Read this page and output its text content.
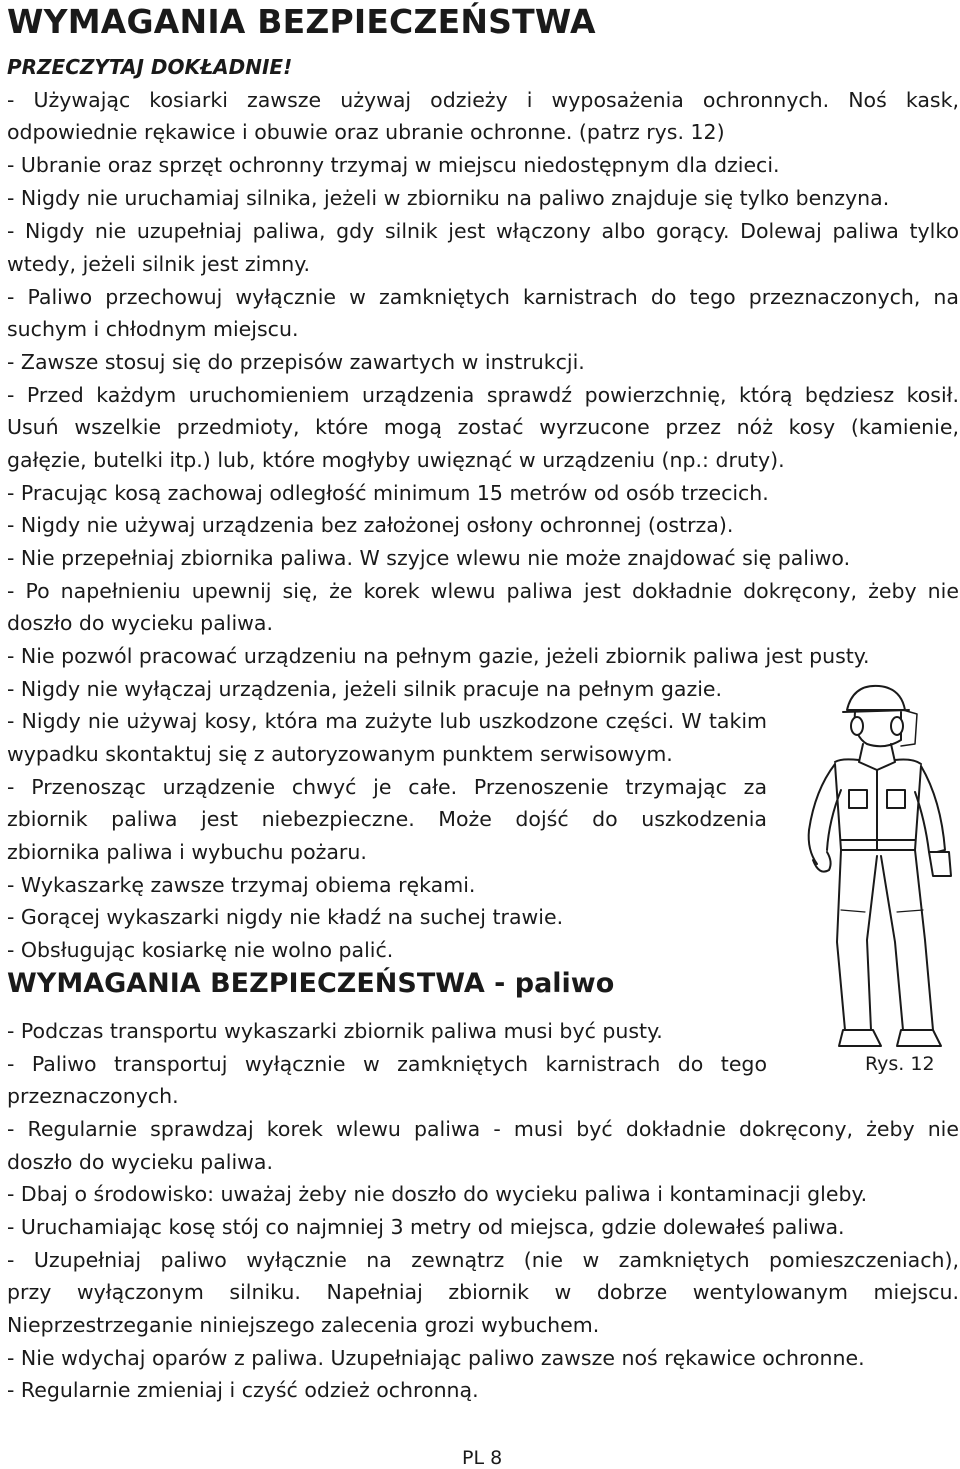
WYMAGANIA BEZPIECZEŃSTWA
PRZECZYTAJ DOKŁADNIE!
- Używając kosiarki zawsze używaj odzieży i wyposażenia ochronnych. Noś kask,
odpowiednie rękawice i obuwie oraz ubranie ochronne. (patrz rys. 12)
- Ubranie oraz sprzęt ochronny trzymaj w miejscu niedostępnym dla dzieci.
- Nigdy nie uruchamiaj silnika, jeżeli w zbiorniku na paliwo znajduje się tylko benzyna.
- Nigdy nie uzupełniaj paliwa, gdy silnik jest włączony albo gorący. Dolewaj paliwa tylko
wtedy, jeżeli silnik jest zimny.
- Paliwo przechowuj wyłącznie w zamkniętych karnistrach do tego przeznaczonych, na
suchym i chłodnym miejscu.
- Zawsze stosuj się do przepisów zawartych w instrukcji.
- Przed każdym uruchomieniem urządzenia sprawdź powierzchnię, którą będziesz kosił.
Usuń wszelkie przedmioty, które mogą zostać wyrzucone przez nóż kosy (kamienie,
gałęzie, butelki itp.) lub, które mogłyby uwięznąć w urządzeniu (np.: druty).
- Pracując kosą zachowaj odległość minimum 15 metrów od osób trzecich.
- Nigdy nie używaj urządzenia bez założonej osłony ochronnej (ostrza).
- Nie przepełniaj zbiornika paliwa. W szyjce wlewu nie może znajdować się paliwo.
- Po napełnieniu upewnij się, że korek wlewu paliwa jest dokładnie dokręcony, żeby nie
doszło do wycieku paliwa.
- Nie pozwól pracować urządzeniu na pełnym gazie, jeżeli zbiornik paliwa jest pusty.
- Nigdy nie wyłączaj urządzenia, jeżeli silnik pracuje na pełnym gazie.
- Nigdy nie używaj kosy, która ma zużyte lub uszkodzone części. W takim
wypadku skontaktuj się z autoryzowanym punktem serwisowym.
- Przenosząc urządzenie chwyć je całe. Przenoszenie trzymając za
zbiornik paliwa jest niebezpieczne. Może dojść do uszkodzenia
zbiornika paliwa i wybuchu pożaru.
- Wykaszarkę zawsze trzymaj obiema rękami.
- Gorącej wykaszarki nigdy nie kładź na suchej trawie.
- Obsługując kosiarkę nie wolno palić.
WYMAGANIA BEZPIECZEŃSTWA - paliwo
- Podczas transportu wykaszarki zbiornik paliwa musi być pusty.
- Paliwo transportuj wyłącznie w zamkniętych karnistrach do tego
przeznaczonych.
- Regularnie sprawdzaj korek wlewu paliwa - musi być dokładnie dokręcony, żeby nie
doszło do wycieku paliwa.
- Dbaj o środowisko: uważaj żeby nie doszło do wycieku paliwa i kontaminacji gleby.
- Uruchamiając kosę stój co najmniej 3 metry od miejsca, gdzie dolewałeś paliwa.
- Uzupełniaj paliwo wyłącznie na zewnątrz (nie w zamkniętych pomieszczeniach),
przy wyłączonym silniku. Napełniaj zbiornik w dobrze wentylowanym miejscu.
Nieprzestrzeganie niniejszego zalecenia grozi wybuchem.
- Nie wdychaj oparów z paliwa. Uzupełniając paliwo zawsze noś rękawice ochronne.
- Regularnie zmieniaj i czyść odzież ochronną.
Rys. 12
PL 8
